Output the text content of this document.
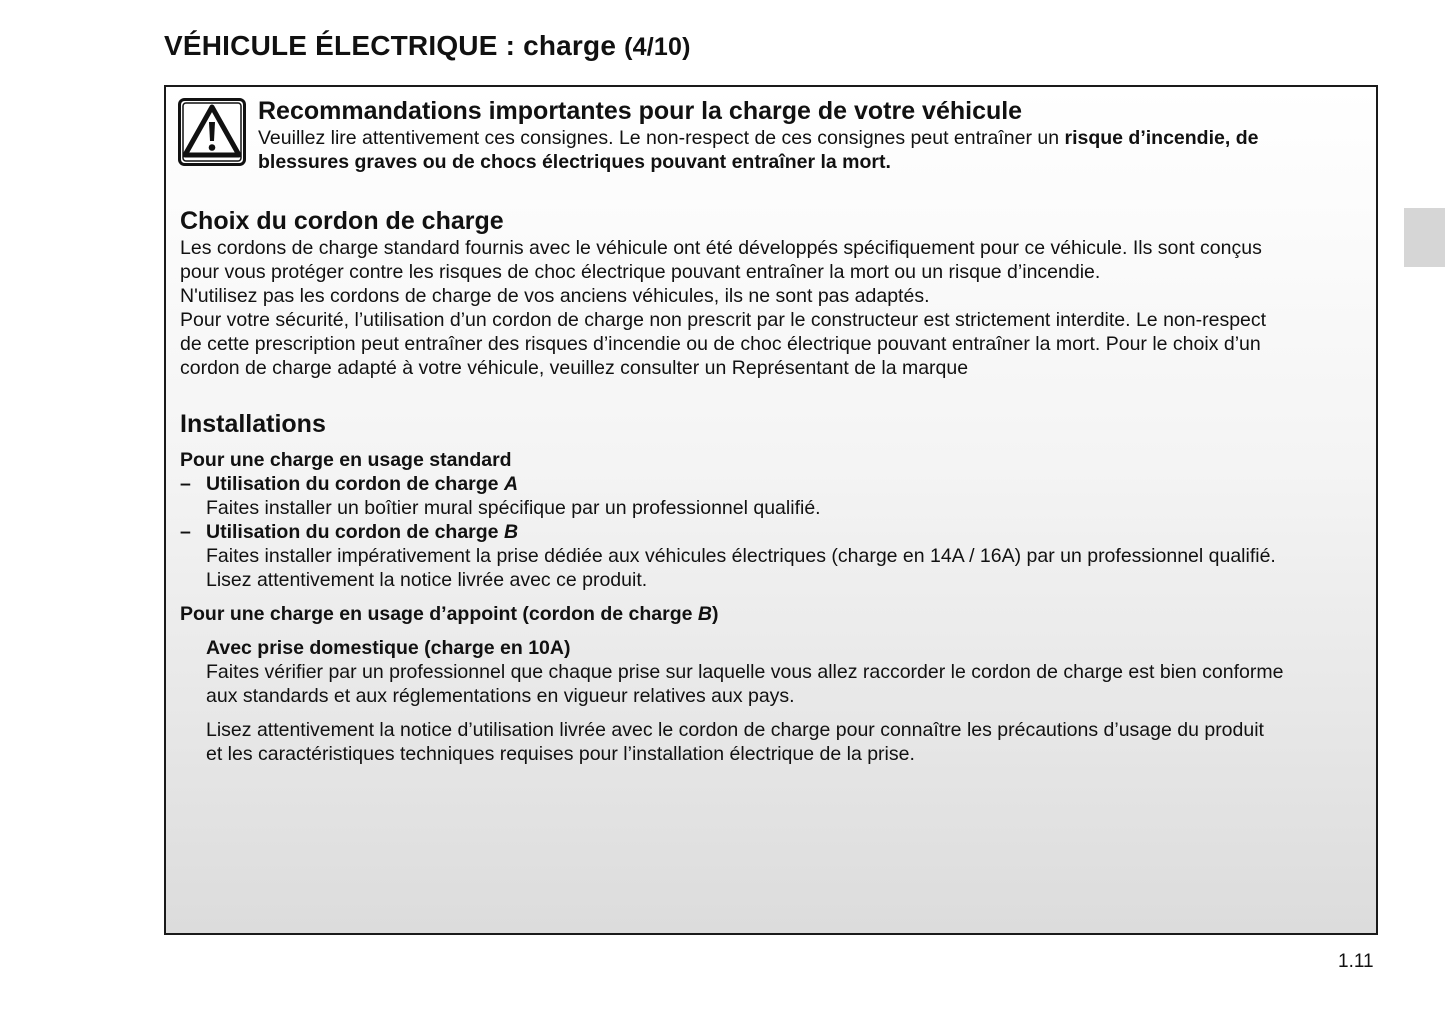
VÉHICULE ÉLECTRIQUE : charge (4/10)
Recommandations importantes pour la charge de votre véhicule

Veuillez lire attentivement ces consignes. Le non-respect de ces consignes peut entraîner un risque d’incendie, de

blessures graves ou de chocs électriques pouvant entraîner la mort.

Choix du cordon de charge

Les cordons de charge standard fournis avec le véhicule ont été développés spécifiquement pour ce véhicule. Ils sont conçus

pour vous protéger contre les risques de choc électrique pouvant entraîner la mort ou un risque d’incendie.

N'utilisez pas les cordons de charge de vos anciens véhicules, ils ne sont pas adaptés.

Pour votre sécurité, l’utilisation d’un cordon de charge non prescrit par le constructeur est strictement interdite. Le non-respect

de cette prescription peut entraîner des risques d’incendie ou de choc électrique pouvant entraîner la mort. Pour le choix d’un

cordon de charge adapté à votre véhicule, veuillez consulter un Représentant de la marque

Installations
Pour une charge en usage standard
– Utilisation du cordon de charge A

Faites installer un boîtier mural spécifique par un professionnel qualifié.

– Utilisation du cordon de charge B

Faites installer impérativement la prise dédiée aux véhicules électriques (charge en 14A / 16A) par un professionnel qualifié.

Lisez attentivement la notice livrée avec ce produit.

Pour une charge en usage d’appoint (cordon de charge B)
Avec prise domestique (charge en 10A)

Faites vérifier par un professionnel que chaque prise sur laquelle vous allez raccorder le cordon de charge est bien conforme

aux standards et aux réglementations en vigueur relatives aux pays.

Lisez attentivement la notice d’utilisation livrée avec le cordon de charge pour connaître les précautions d’usage du produit

et les caractéristiques techniques requises pour l’installation électrique de la prise.

1.11
